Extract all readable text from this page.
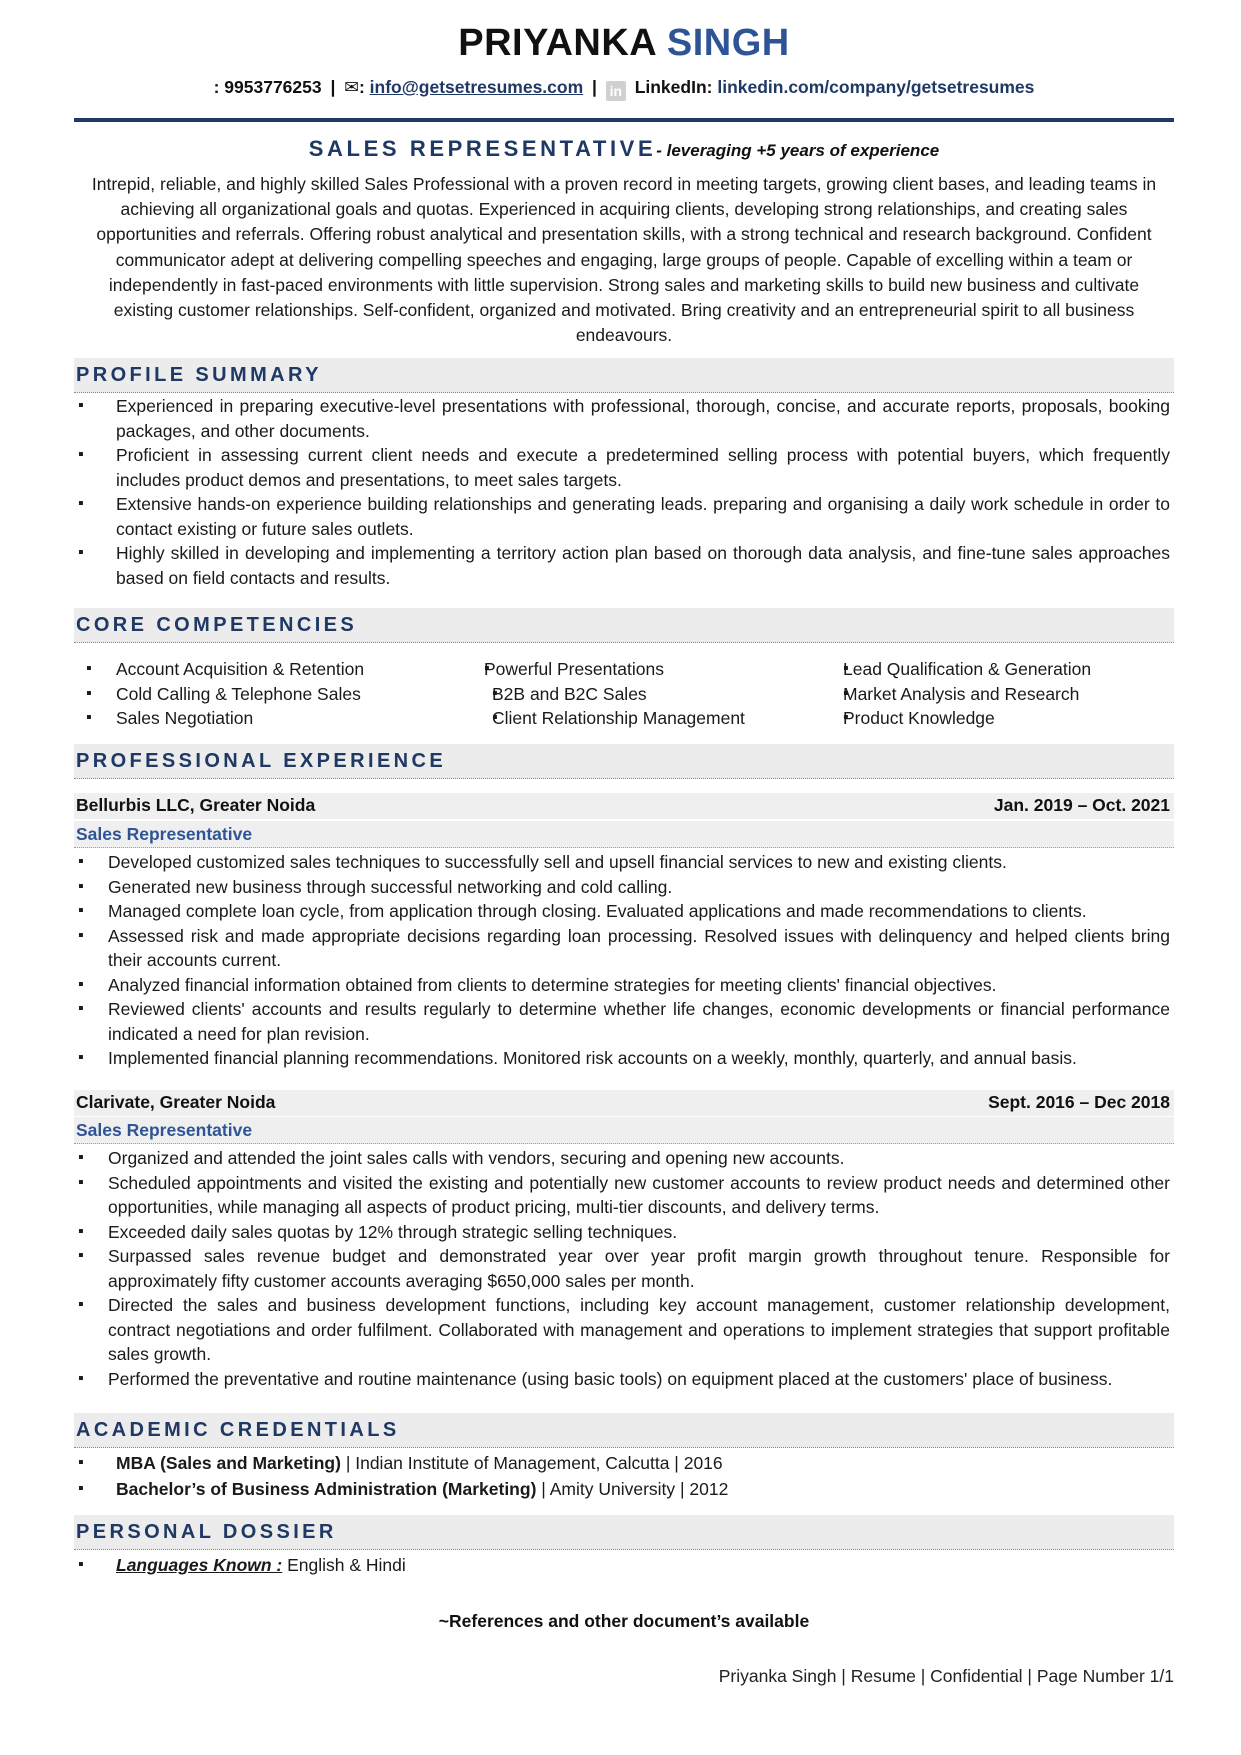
PRIYANKA SINGH
: 9953776253 | ✉: info@getsetresumes.com | in LinkedIn: linkedin.com/company/getsetresumes
SALES REPRESENTATIVE- leveraging +5 years of experience
Intrepid, reliable, and highly skilled Sales Professional with a proven record in meeting targets, growing client bases, and leading teams in achieving all organizational goals and quotas. Experienced in acquiring clients, developing strong relationships, and creating sales opportunities and referrals. Offering robust analytical and presentation skills, with a strong technical and research background. Confident communicator adept at delivering compelling speeches and engaging, large groups of people. Capable of excelling within a team or independently in fast-paced environments with little supervision. Strong sales and marketing skills to build new business and cultivate existing customer relationships. Self-confident, organized and motivated. Bring creativity and an entrepreneurial spirit to all business endeavours.
PROFILE SUMMARY
▪ Experienced in preparing executive-level presentations with professional, thorough, concise, and accurate reports, proposals, booking packages, and other documents.
▪ Proficient in assessing current client needs and execute a predetermined selling process with potential buyers, which frequently includes product demos and presentations, to meet sales targets.
▪ Extensive hands-on experience building relationships and generating leads. preparing and organising a daily work schedule in order to contact existing or future sales outlets.
▪ Highly skilled in developing and implementing a territory action plan based on thorough data analysis, and fine-tune sales approaches based on field contacts and results.
CORE COMPETENCIES
▪ Account Acquisition & Retention
▪ Cold Calling & Telephone Sales
▪ Sales Negotiation
▪ Powerful Presentations
▪ B2B and B2C Sales
▪ Client Relationship Management
▪ Lead Qualification & Generation
▪ Market Analysis and Research
▪ Product Knowledge
PROFESSIONAL EXPERIENCE
Bellurbis LLC, Greater Noida	Jan. 2019 – Oct. 2021
Sales Representative
▪ Developed customized sales techniques to successfully sell and upsell financial services to new and existing clients.
▪ Generated new business through successful networking and cold calling.
▪ Managed complete loan cycle, from application through closing. Evaluated applications and made recommendations to clients.
▪ Assessed risk and made appropriate decisions regarding loan processing. Resolved issues with delinquency and helped clients bring their accounts current.
▪ Analyzed financial information obtained from clients to determine strategies for meeting clients' financial objectives.
▪ Reviewed clients' accounts and results regularly to determine whether life changes, economic developments or financial performance indicated a need for plan revision.
▪ Implemented financial planning recommendations. Monitored risk accounts on a weekly, monthly, quarterly, and annual basis.
Clarivate, Greater Noida	Sept. 2016 – Dec 2018
Sales Representative
▪ Organized and attended the joint sales calls with vendors, securing and opening new accounts.
▪ Scheduled appointments and visited the existing and potentially new customer accounts to review product needs and determined other opportunities, while managing all aspects of product pricing, multi-tier discounts, and delivery terms.
▪ Exceeded daily sales quotas by 12% through strategic selling techniques.
▪ Surpassed sales revenue budget and demonstrated year over year profit margin growth throughout tenure. Responsible for approximately fifty customer accounts averaging $650,000 sales per month.
▪ Directed the sales and business development functions, including key account management, customer relationship development, contract negotiations and order fulfilment. Collaborated with management and operations to implement strategies that support profitable sales growth.
▪ Performed the preventative and routine maintenance (using basic tools) on equipment placed at the customers' place of business.
ACADEMIC CREDENTIALS
▪ MBA (Sales and Marketing) | Indian Institute of Management, Calcutta | 2016
▪ Bachelor’s of Business Administration (Marketing) | Amity University | 2012
PERSONAL DOSSIER
▪ Languages Known : English & Hindi
~References and other document’s available
Priyanka Singh | Resume | Confidential | Page Number 1/1
